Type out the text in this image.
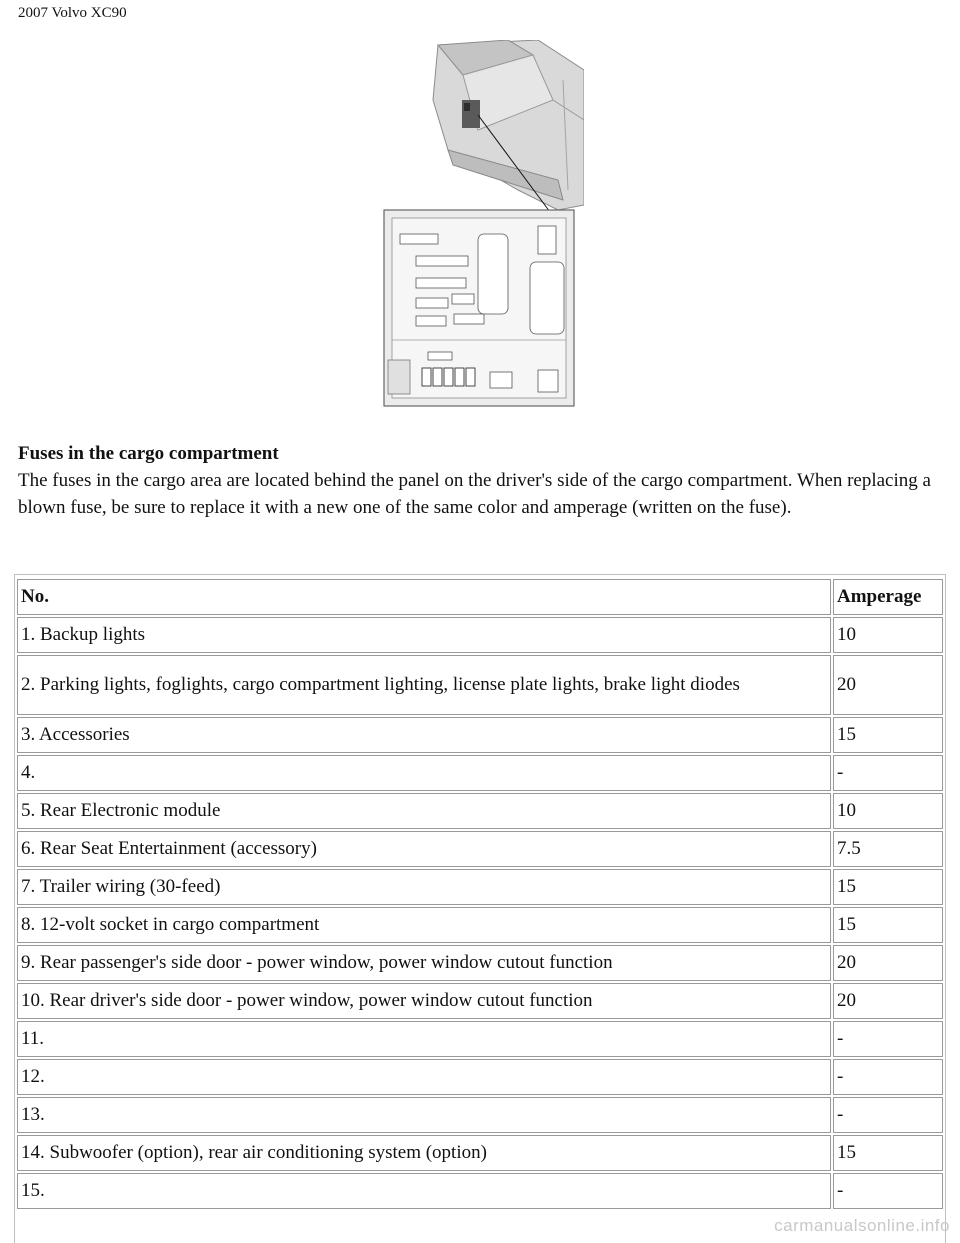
2007 Volvo XC90
Fuses in the cargo compartment
The fuses in the cargo area are located behind the panel on the driver's side of the cargo compartment. When replacing a blown fuse, be sure to replace it with a new one of the same color and amperage (written on the fuse).
No.	Amperage
1. Backup lights	10
2. Parking lights, foglights, cargo compartment lighting, license plate lights, brake light diodes	20
3. Accessories	15
4.	-
5. Rear Electronic module	10
6. Rear Seat Entertainment (accessory)	7.5
7. Trailer wiring (30-feed)	15
8. 12-volt socket in cargo compartment	15
9. Rear passenger's side door - power window, power window cutout function	20
10. Rear driver's side door - power window, power window cutout function	20
11.	-
12.	-
13.	-
14. Subwoofer (option), rear air conditioning system (option)	15
15.	-
carmanualsonline.info
